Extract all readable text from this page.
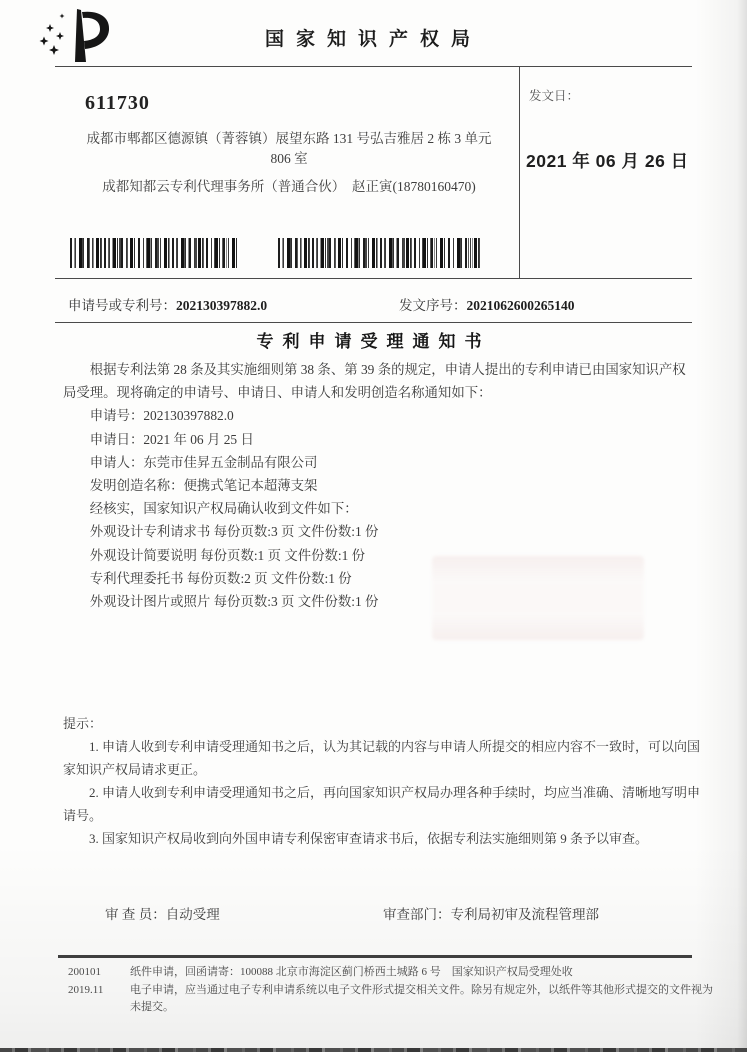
国家知识产权局
611730
成都市郫都区德源镇（菁蓉镇）展望东路 131 号弘吉雅居 2 栋 3 单元
806 室
成都知都云专利代理事务所（普通合伙）　赵正寅(18780160470)
发文日：
2021 年 06 月 26 日
申请号或专利号：202130397882.0	发文序号：2021062600265140
专利申请受理通知书

根据专利法第 28 条及其实施细则第 38 条、第 39 条的规定，申请人提出的专利申请已由国家知识产权局受理。现将确定的申请号、申请日、申请人和发明创造名称通知如下：

申请号：202130397882.0

申请日：2021 年 06 月 25 日

申请人：东莞市佳昇五金制品有限公司

发明创造名称：便携式笔记本超薄支架

经核实，国家知识产权局确认收到文件如下：

外观设计专利请求书 每份页数:3 页 文件份数:1 份

外观设计简要说明 每份页数:1 页 文件份数:1 份

专利代理委托书 每份页数:2 页 文件份数:1 份

外观设计图片或照片 每份页数:3 页 文件份数:1 份

提示：

1. 申请人收到专利申请受理通知书之后，认为其记载的内容与申请人所提交的相应内容不一致时，可以向国家知识产权局请求更正。

2. 申请人收到专利申请受理通知书之后，再向国家知识产权局办理各种手续时，均应当准确、清晰地写明申请号。

3. 国家知识产权局收到向外国申请专利保密审查请求书后，依据专利法实施细则第 9 条予以审查。

审 查 员：自动受理	审查部门：专利局初审及流程管理部
200101
2019.11

纸件申请，回函请寄：100088 北京市海淀区蓟门桥西土城路 6 号　国家知识产权局受理处收

电子申请，应当通过电子专利申请系统以电子文件形式提交相关文件。除另有规定外，以纸件等其他形式提交的文件视为未提交。
